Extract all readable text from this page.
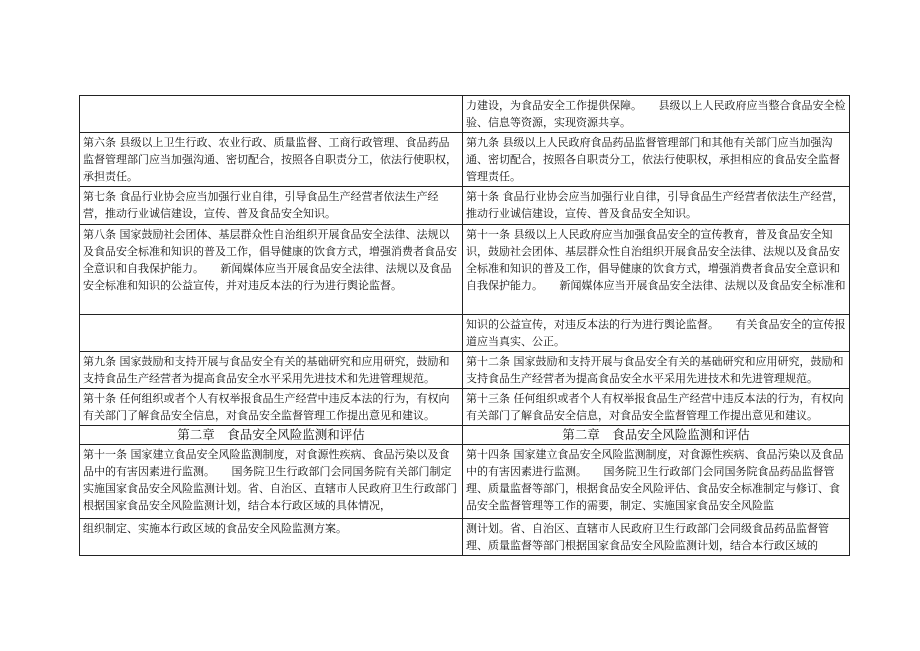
	力建设，为食品安全工作提供保障。　　县级以上人民政府应当整合食品安全检验、信息等资源，实现资源共享。
第六条 县级以上卫生行政、农业行政、质量监督、工商行政管理、食品药品监督管理部门应当加强沟通、密切配合，按照各自职责分工，依法行使职权，承担责任。	第九条 县级以上人民政府食品药品监督管理部门和其他有关部门应当加强沟通、密切配合，按照各自职责分工，依法行使职权，承担相应的食品安全监督管理责任。
第七条 食品行业协会应当加强行业自律，引导食品生产经营者依法生产经营，推动行业诚信建设，宣传、普及食品安全知识。	第十条 食品行业协会应当加强行业自律，引导食品生产经营者依法生产经营，推动行业诚信建设，宣传、普及食品安全知识。
第八条 国家鼓励社会团体、基层群众性自治组织开展食品安全法律、法规以及食品安全标准和知识的普及工作，倡导健康的饮食方式，增强消费者食品安全意识和自我保护能力。　　新闻媒体应当开展食品安全法律、法规以及食品安全标准和知识的公益宣传，并对违反本法的行为进行舆论监督。	第十一条 县级以上人民政府应当加强食品安全的宣传教育，普及食品安全知识，鼓励社会团体、基层群众性自治组织开展食品安全法律、法规以及食品安全标准和知识的普及工作，倡导健康的饮食方式，增强消费者食品安全意识和自我保护能力。　　新闻媒体应当开展食品安全法律、法规以及食品安全标准和
	知识的公益宣传，对违反本法的行为进行舆论监督。　　有关食品安全的宣传报道应当真实、公正。
第九条 国家鼓励和支持开展与食品安全有关的基础研究和应用研究，鼓励和支持食品生产经营者为提高食品安全水平采用先进技术和先进管理规范。	第十二条 国家鼓励和支持开展与食品安全有关的基础研究和应用研究，鼓励和支持食品生产经营者为提高食品安全水平采用先进技术和先进管理规范。
第十条 任何组织或者个人有权举报食品生产经营中违反本法的行为，有权向有关部门了解食品安全信息，对食品安全监督管理工作提出意见和建议。	第十三条 任何组织或者个人有权举报食品生产经营中违反本法的行为，有权向有关部门了解食品安全信息，对食品安全监督管理工作提出意见和建议。
第二章　食品安全风险监测和评估	第二章　食品安全风险监测和评估
第十一条 国家建立食品安全风险监测制度，对食源性疾病、食品污染以及食品中的有害因素进行监测。　　国务院卫生行政部门会同国务院有关部门制定实施国家食品安全风险监测计划。省、自治区、直辖市人民政府卫生行政部门根据国家食品安全风险监测计划，结合本行政区域的具体情况，	第十四条 国家建立食品安全风险监测制度，对食源性疾病、食品污染以及食品中的有害因素进行监测。　　国务院卫生行政部门会同国务院食品药品监督管理、质量监督等部门，根据食品安全风险评估、食品安全标准制定与修订、食品安全监督管理等工作的需要，制定、实施国家食品安全风险监
组织制定、实施本行政区域的食品安全风险监测方案。	测计划。省、自治区、直辖市人民政府卫生行政部门会同级食品药品监督管理、质量监督等部门根据国家食品安全风险监测计划，结合本行政区域的
